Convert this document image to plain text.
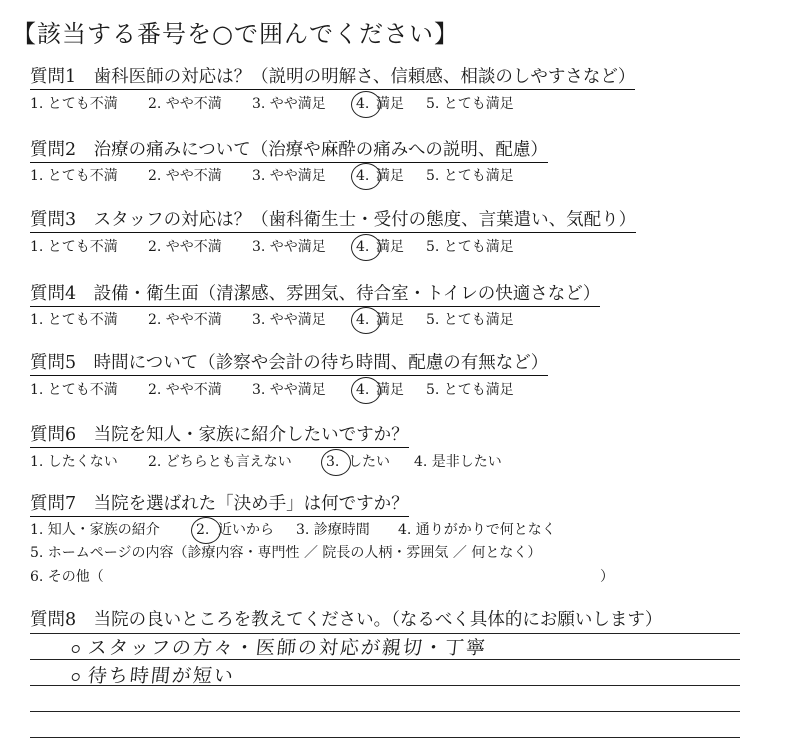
【該当する番号を○で囲んでください】
質問1　歯科医師の対応は？（説明の明解さ、信頼感、相談のしやすさなど）
1. とても不満 2. やや不満 3. やや満足 4. 満足 5. とても満足
質問2　治療の痛みについて（治療や麻酔の痛みへの説明、配慮）
1. とても不満 2. やや不満 3. やや満足 4. 満足 5. とても満足
質問3　スタッフの対応は？（歯科衛生士・受付の態度、言葉遣い、気配り）
1. とても不満 2. やや不満 3. やや満足 4. 満足 5. とても満足
質問4　設備・衛生面（清潔感、雰囲気、待合室・トイレの快適さなど）
1. とても不満 2. やや不満 3. やや満足 4. 満足 5. とても満足
質問5　時間について（診察や会計の待ち時間、配慮の有無など）
1. とても不満 2. やや不満 3. やや満足 4. 満足 5. とても満足
質問6　当院を知人・家族に紹介したいですか？
1. したくない 2. どちらとも言えない 3. したい 4. 是非したい
質問7　当院を選ばれた「決め手」は何ですか？
1. 知人・家族の紹介	2. 近いから 3. 診療時間 4. 通りがかりで何となく
5. ホームページの内容（診療内容・専門性 ／ 院長の人柄・雰囲気 ／ 何となく）
6. その他（	）
質問8　当院の良いところを教えてください。（なるべく具体的にお願いします）
スタッフの方々・医師の対応が親切・丁寧
待ち時間が短い
